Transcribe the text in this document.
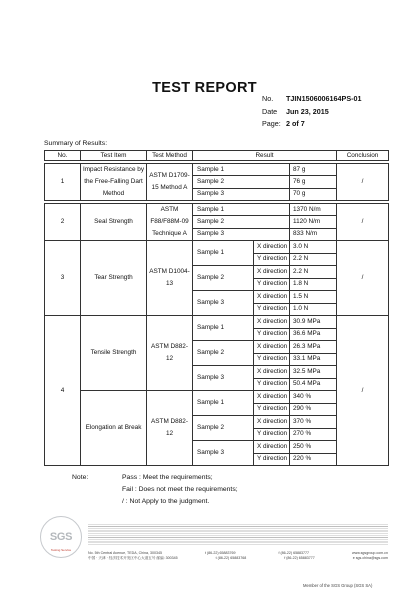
TEST REPORT
No.	TJIN1506006164PS-01
Date	Jun 23, 2015
Page: 2 of 7
Summary of Results:
No.	Test Item	Test Method	Result			Conclusion

1	Impact Resistance by the Free-Falling Dart Method	ASTM D1709-15 Method A	Sample 1		87 g	/
			Sample 2		76 g	
			Sample 3		70 g	

2	Seal Strength	ASTM F88/F88M-09 Technique A	Sample 1		1370 N/m	/
			Sample 2		1120 N/m	
			Sample 3		833 N/m	
3	Tear Strength	ASTM D1004-13	Sample 1	X direction	3.0 N	/
				Y direction	2.2 N	
			Sample 2	X direction	2.2 N	
				Y direction	1.8 N	
			Sample 3	X direction	1.5 N	
				Y direction	1.0 N	
4	Tensile Strength	ASTM D882-12	Sample 1	X direction	30.9 MPa	/
				Y direction	36.6 MPa	
			Sample 2	X direction	26.3 MPa	
				Y direction	33.1 MPa	
			Sample 3	X direction	32.5 MPa	
				Y direction	50.4 MPa	
	Elongation at Break	ASTM D882-12	Sample 1	X direction	340 %	
				Y direction	290 %	
			Sample 2	X direction	370 %	
				Y direction	270 %	
			Sample 3	X direction	250 %	
				Y direction	220 %	
Note:	Pass : Meet the requirements;
Fail : Does not meet the requirements;
/ : Not Apply to the judgment.
SGS
Testing Service
No. 5th Central Avenue, TEDA, China, 300345	t (86-22) 65883769	f (86-22) 65883777	www.sgsgroup.com.cn
中国 · 天津 · 经济技术开发区中心大道五号 邮编: 300345	t (86-22) 65883768	f (86-22) 65883777	e sgs.china@sgs.com
Member of the SGS Group (SGS SA)
